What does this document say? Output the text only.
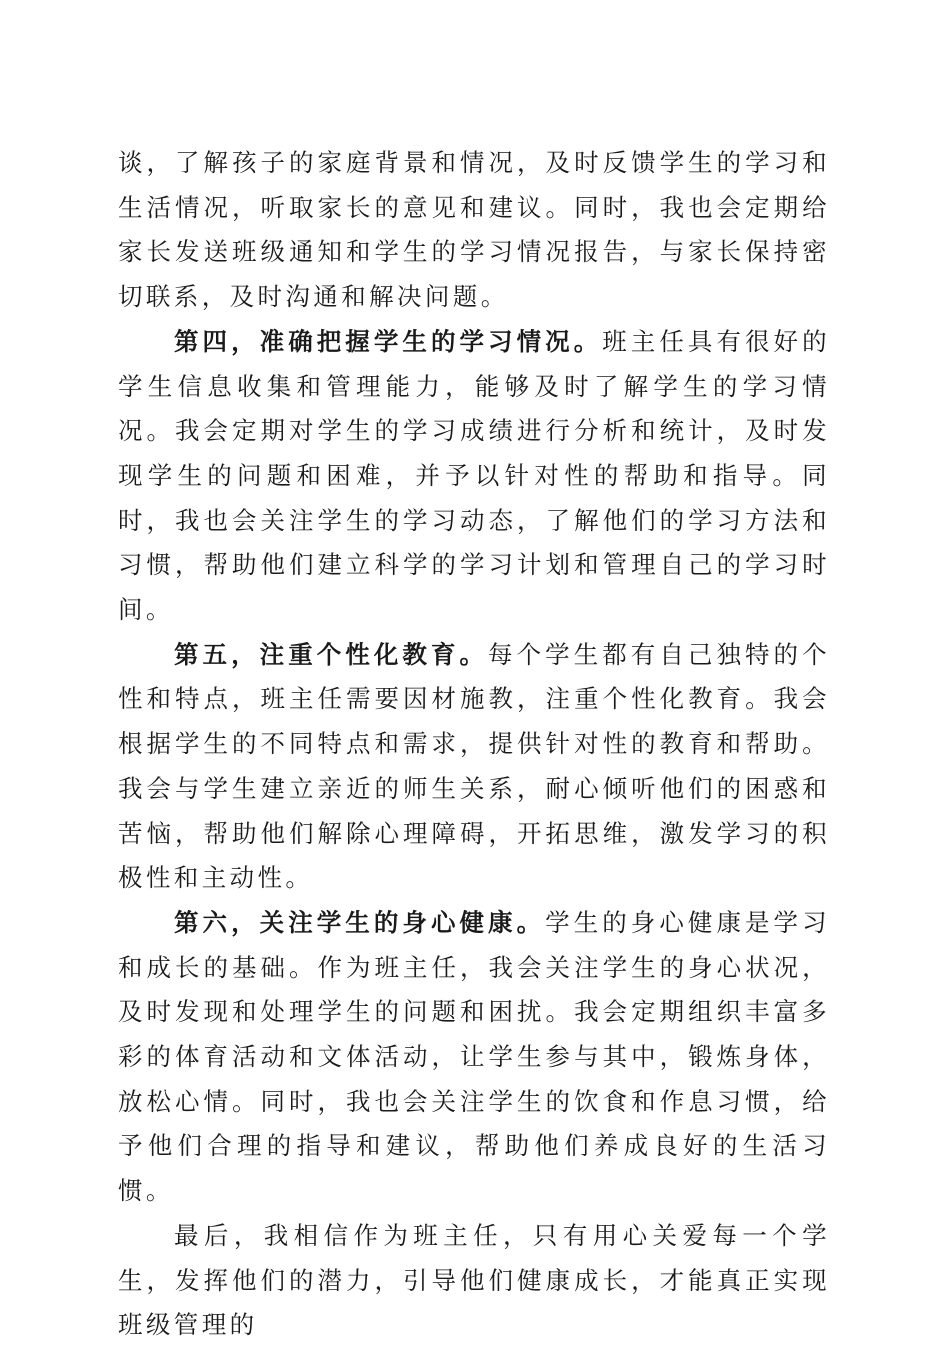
谈，了解孩子的家庭背景和情况，及时反馈学生的学习和生活情况，听取家长的意见和建议。同时，我也会定期给家长发送班级通知和学生的学习情况报告，与家长保持密切联系，及时沟通和解决问题。

第四，准确把握学生的学习情况。班主任具有很好的学生信息收集和管理能力，能够及时了解学生的学习情况。我会定期对学生的学习成绩进行分析和统计，及时发现学生的问题和困难，并予以针对性的帮助和指导。同时，我也会关注学生的学习动态，了解他们的学习方法和习惯，帮助他们建立科学的学习计划和管理自己的学习时间。

第五，注重个性化教育。每个学生都有自己独特的个性和特点，班主任需要因材施教，注重个性化教育。我会根据学生的不同特点和需求，提供针对性的教育和帮助。我会与学生建立亲近的师生关系，耐心倾听他们的困惑和苦恼，帮助他们解除心理障碍，开拓思维，激发学习的积极性和主动性。

第六，关注学生的身心健康。学生的身心健康是学习和成长的基础。作为班主任，我会关注学生的身心状况，及时发现和处理学生的问题和困扰。我会定期组织丰富多彩的体育活动和文体活动，让学生参与其中，锻炼身体，放松心情。同时，我也会关注学生的饮食和作息习惯，给予他们合理的指导和建议，帮助他们养成良好的生活习惯。

最后，我相信作为班主任，只有用心关爱每一个学生，发挥他们的潜力，引导他们健康成长，才能真正实现班级管理的
